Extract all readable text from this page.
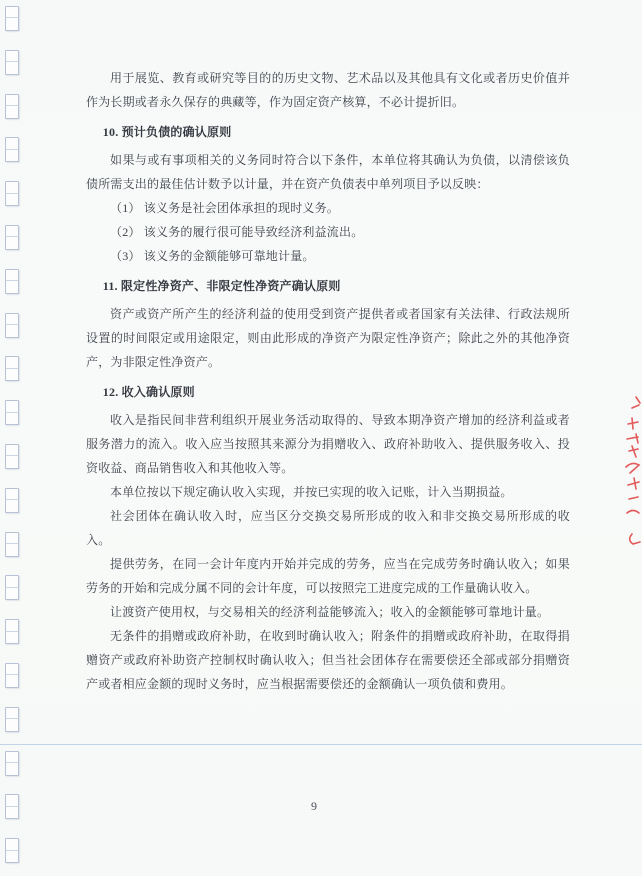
用于展览、教育或研究等目的的历史文物、艺术品以及其他具有文化或者历史价值并作为长期或者永久保存的典藏等，作为固定资产核算，不必计提折旧。

10. 预计负债的确认原则

如果与或有事项相关的义务同时符合以下条件，本单位将其确认为负债，以清偿该负债所需支出的最佳估计数予以计量，并在资产负债表中单列项目予以反映：

（1） 该义务是社会团体承担的现时义务。

（2） 该义务的履行很可能导致经济利益流出。

（3） 该义务的金额能够可靠地计量。

11. 限定性净资产、非限定性净资产确认原则

资产或资产所产生的经济利益的使用受到资产提供者或者国家有关法律、行政法规所设置的时间限定或用途限定，则由此形成的净资产为限定性净资产；除此之外的其他净资产，为非限定性净资产。

12. 收入确认原则

收入是指民间非营利组织开展业务活动取得的、导致本期净资产增加的经济利益或者服务潜力的流入。收入应当按照其来源分为捐赠收入、政府补助收入、提供服务收入、投资收益、商品销售收入和其他收入等。

本单位按以下规定确认收入实现，并按已实现的收入记账，计入当期损益。

社会团体在确认收入时，应当区分交换交易所形成的收入和非交换交易所形成的收入。

提供劳务，在同一会计年度内开始并完成的劳务，应当在完成劳务时确认收入；如果劳务的开始和完成分属不同的会计年度，可以按照完工进度完成的工作量确认收入。

让渡资产使用权，与交易相关的经济利益能够流入；收入的金额能够可靠地计量。

无条件的捐赠或政府补助，在收到时确认收入；附条件的捐赠或政府补助，在取得捐赠资产或政府补助资产控制权时确认收入；但当社会团体存在需要偿还全部或部分捐赠资产或者相应金额的现时义务时，应当根据需要偿还的金额确认一项负债和费用。

9
